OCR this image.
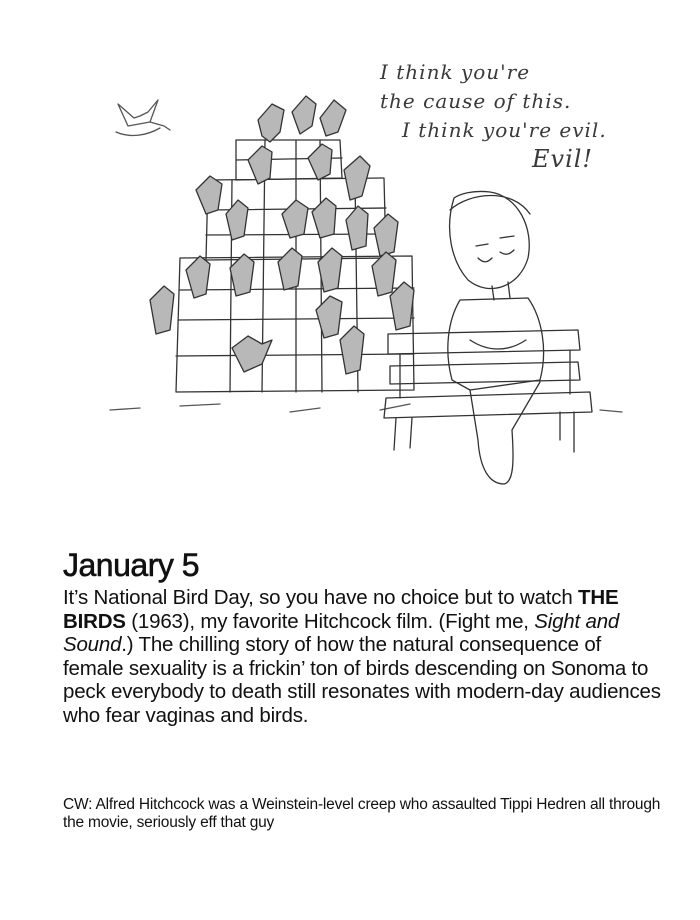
I think you're
the cause of this.
I think you're evil.
Evil!
January 5

It’s National Bird Day, so you have no choice but to watch THE BIRDS (1963), my favorite Hitchcock film. (Fight me, Sight and Sound.) The chilling story of how the natural consequence of female sexuality is a frickin’ ton of birds descending on Sonoma to peck everybody to death still resonates with modern-day audiences who fear vaginas and birds.

CW: Alfred Hitchcock was a Weinstein-level creep who assaulted Tippi Hedren all through the movie, seriously eff that guy
